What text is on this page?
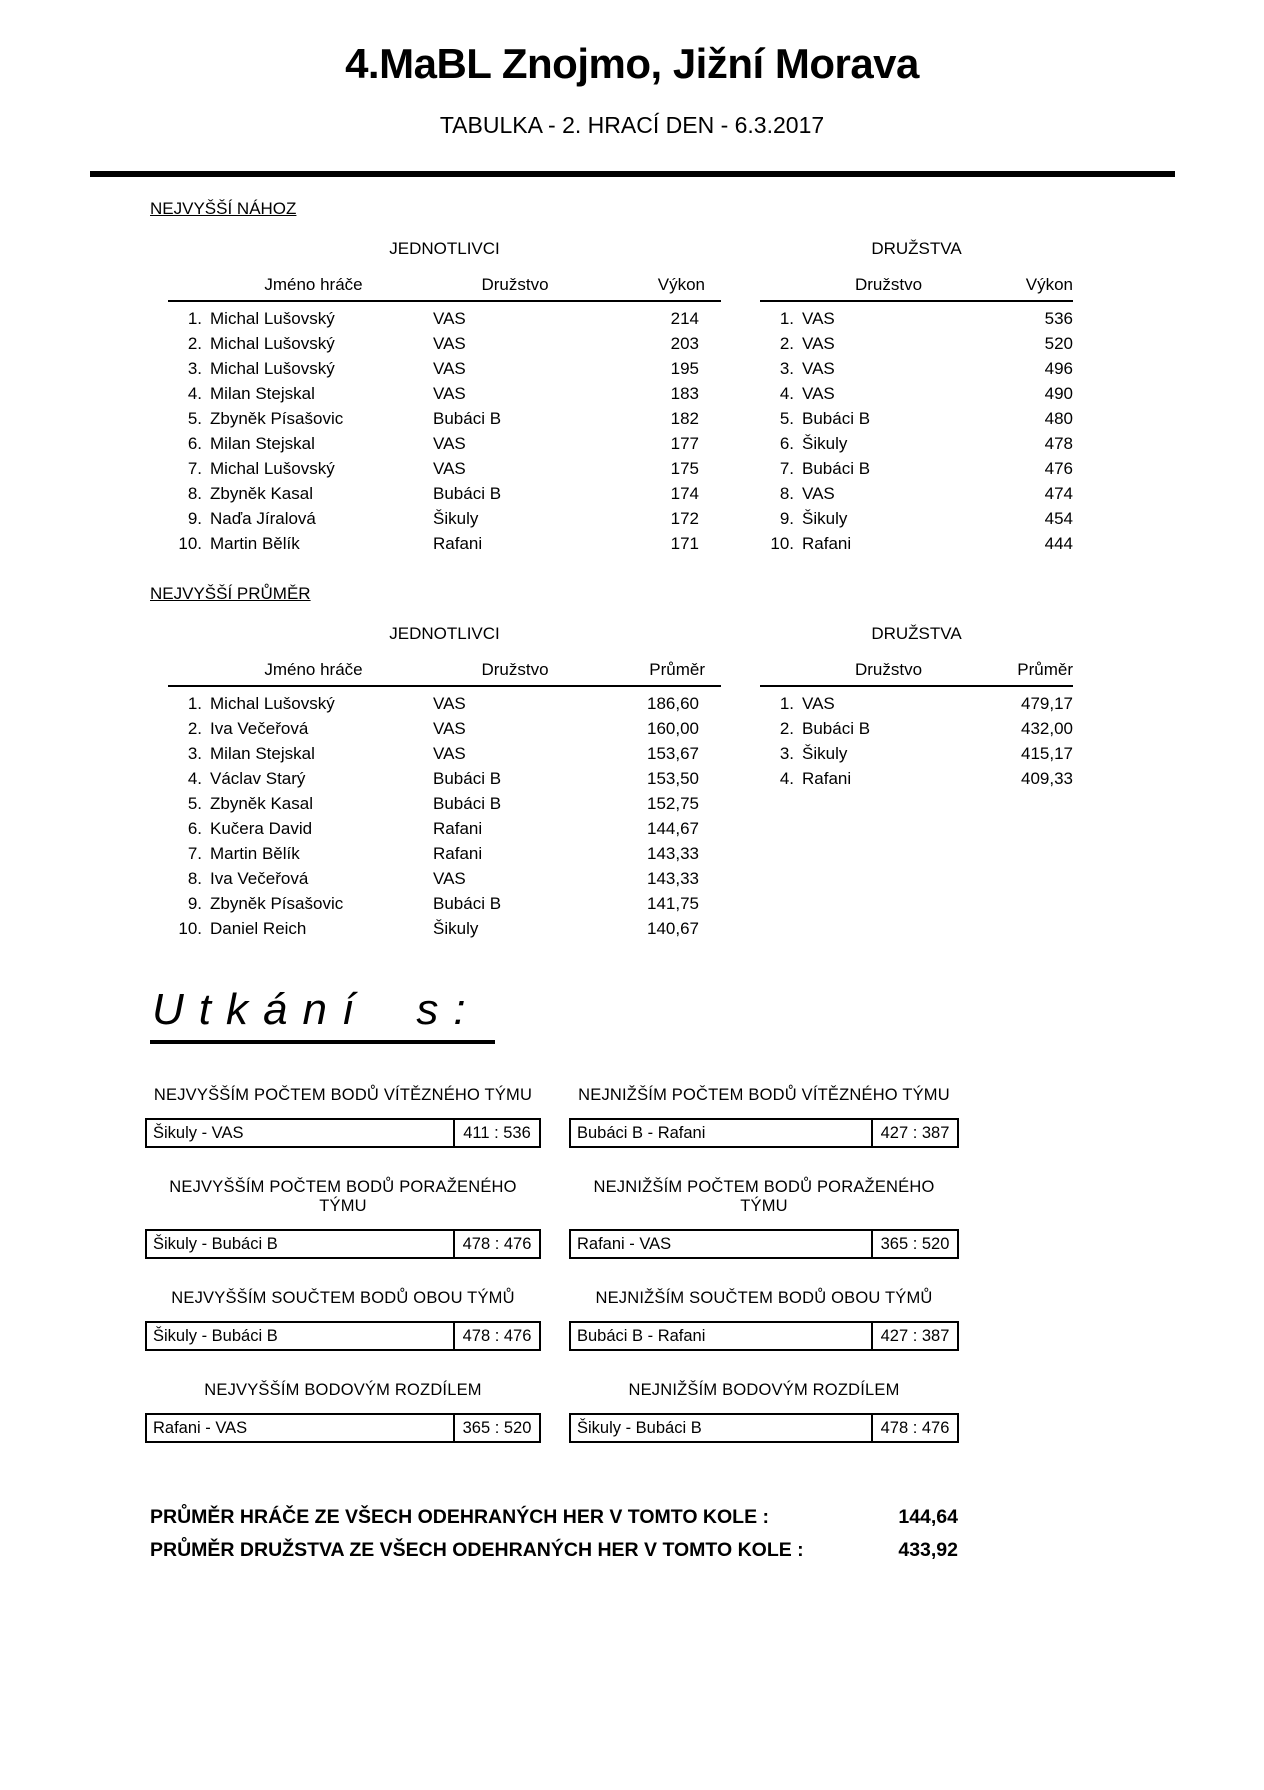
4.MaBL Znojmo, Jižní Morava
TABULKA - 2. HRACÍ DEN - 6.3.2017
NEJVYŠŠÍ NÁHOZ
JEDNOTLIVCI
Jméno hráče	Družstvo	Výkon
1. Michal Lušovský	VAS	214
2. Michal Lušovský	VAS	203
3. Michal Lušovský	VAS	195
4. Milan Stejskal	VAS	183
5. Zbyněk Písašovic	Bubáci B	182
6. Milan Stejskal	VAS	177
7. Michal Lušovský	VAS	175
8. Zbyněk Kasal	Bubáci B	174
9. Naďa Jíralová	Šikuly	172
10. Martin Bělík	Rafani	171
DRUŽSTVA
Družstvo	Výkon
1. VAS	536
2. VAS	520
3. VAS	496
4. VAS	490
5. Bubáci B	480
6. Šikuly	478
7. Bubáci B	476
8. VAS	474
9. Šikuly	454
10. Rafani	444
NEJVYŠŠÍ PRŮMĚR
JEDNOTLIVCI
Jméno hráče	Družstvo	Průměr
1. Michal Lušovský	VAS	186,60
2. Iva Večeřová	VAS	160,00
3. Milan Stejskal	VAS	153,67
4. Václav Starý	Bubáci B	153,50
5. Zbyněk Kasal	Bubáci B	152,75
6. Kučera David	Rafani	144,67
7. Martin Bělík	Rafani	143,33
8. Iva Večeřová	VAS	143,33
9. Zbyněk Písašovic	Bubáci B	141,75
10. Daniel Reich	Šikuly	140,67
DRUŽSTVA
Družstvo	Průměr
1. VAS	479,17
2. Bubáci B	432,00
3. Šikuly	415,17
4. Rafani	409,33
Utkání s:
NEJVYŠŠÍM POČTEM BODŮ VÍTĚZNÉHO TÝMU
Šikuly - VAS	411 : 536
NEJNIŽŠÍM POČTEM BODŮ VÍTĚZNÉHO TÝMU
Bubáci B - Rafani	427 : 387
NEJVYŠŠÍM POČTEM BODŮ PORAŽENÉHO TÝMU
Šikuly - Bubáci B	478 : 476
NEJNIŽŠÍM POČTEM BODŮ PORAŽENÉHO TÝMU
Rafani - VAS	365 : 520
NEJVYŠŠÍM SOUČTEM BODŮ OBOU TÝMŮ
Šikuly - Bubáci B	478 : 476
NEJNIŽŠÍM SOUČTEM BODŮ OBOU TÝMŮ
Bubáci B - Rafani	427 : 387
NEJVYŠŠÍM BODOVÝM ROZDÍLEM
Rafani - VAS	365 : 520
NEJNIŽŠÍM BODOVÝM ROZDÍLEM
Šikuly - Bubáci B	478 : 476
PRŮMĚR HRÁČE ZE VŠECH ODEHRANÝCH HER V TOMTO KOLE :	144,64
PRŮMĚR DRUŽSTVA ZE VŠECH ODEHRANÝCH HER V TOMTO KOLE :	433,92
